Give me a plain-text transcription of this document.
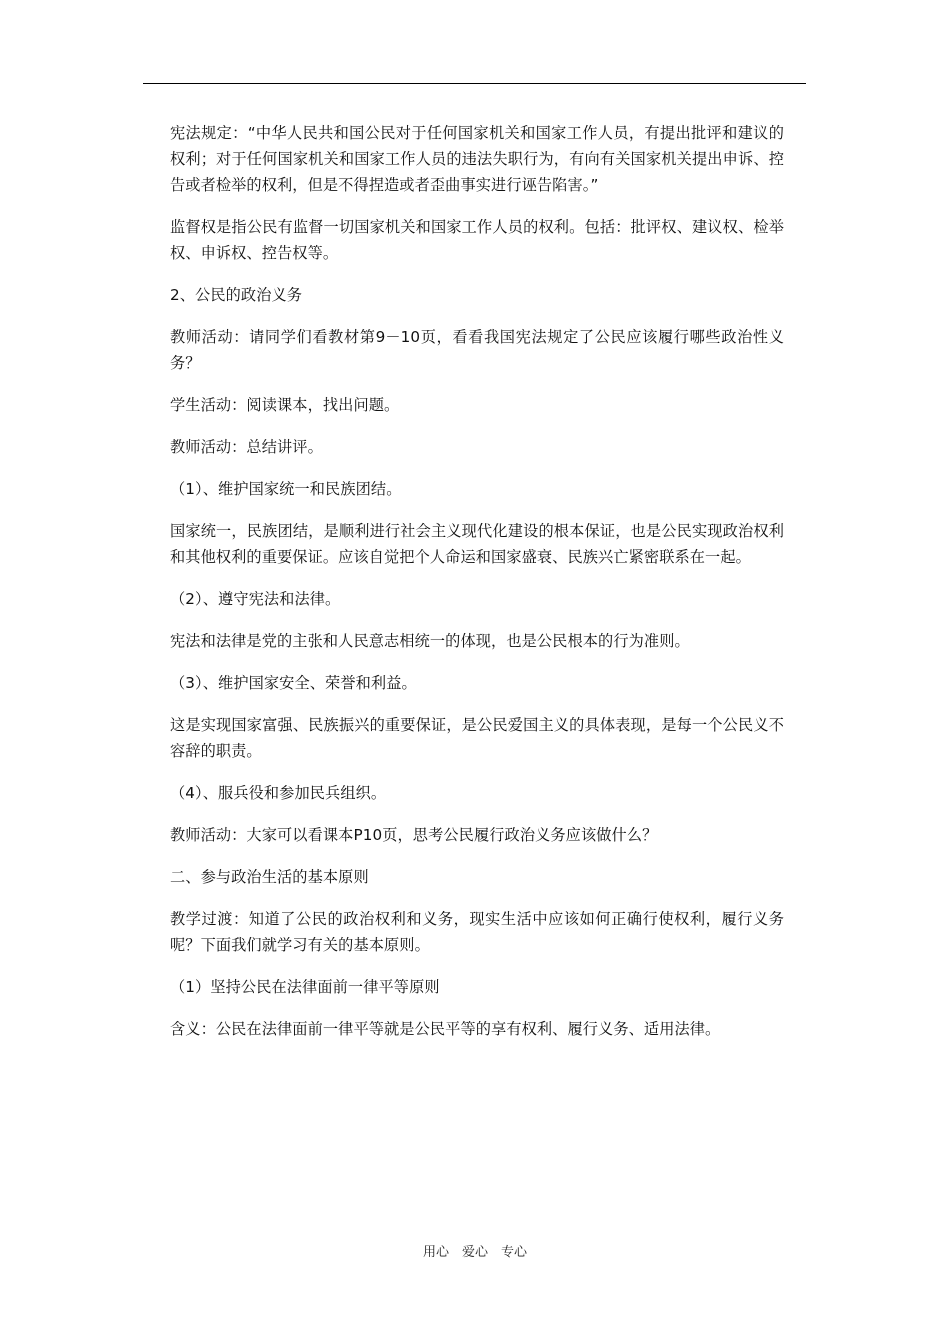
宪法规定：“中华人民共和国公民对于任何国家机关和国家工作人员，有提出批评和建议的权利；对于任何国家机关和国家工作人员的违法失职行为，有向有关国家机关提出申诉、控告或者检举的权利，但是不得捏造或者歪曲事实进行诬告陷害。”

监督权是指公民有监督一切国家机关和国家工作人员的权利。包括：批评权、建议权、检举权、申诉权、控告权等。

2、公民的政治义务

教师活动：请同学们看教材第9－10页，看看我国宪法规定了公民应该履行哪些政治性义务？

学生活动：阅读课本，找出问题。

教师活动：总结讲评。

（1）、维护国家统一和民族团结。

国家统一，民族团结，是顺利进行社会主义现代化建设的根本保证，也是公民实现政治权利和其他权利的重要保证。应该自觉把个人命运和国家盛衰、民族兴亡紧密联系在一起。

（2）、遵守宪法和法律。

宪法和法律是党的主张和人民意志相统一的体现，也是公民根本的行为准则。

（3）、维护国家安全、荣誉和利益。

这是实现国家富强、民族振兴的重要保证，是公民爱国主义的具体表现，是每一个公民义不容辞的职责。

（4）、服兵役和参加民兵组织。

教师活动：大家可以看课本P10页，思考公民履行政治义务应该做什么？

二、参与政治生活的基本原则

教学过渡：知道了公民的政治权利和义务，现实生活中应该如何正确行使权利，履行义务呢？下面我们就学习有关的基本原则。

（1）坚持公民在法律面前一律平等原则

含义：公民在法律面前一律平等就是公民平等的享有权利、履行义务、适用法律。

用心　爱心　专心
